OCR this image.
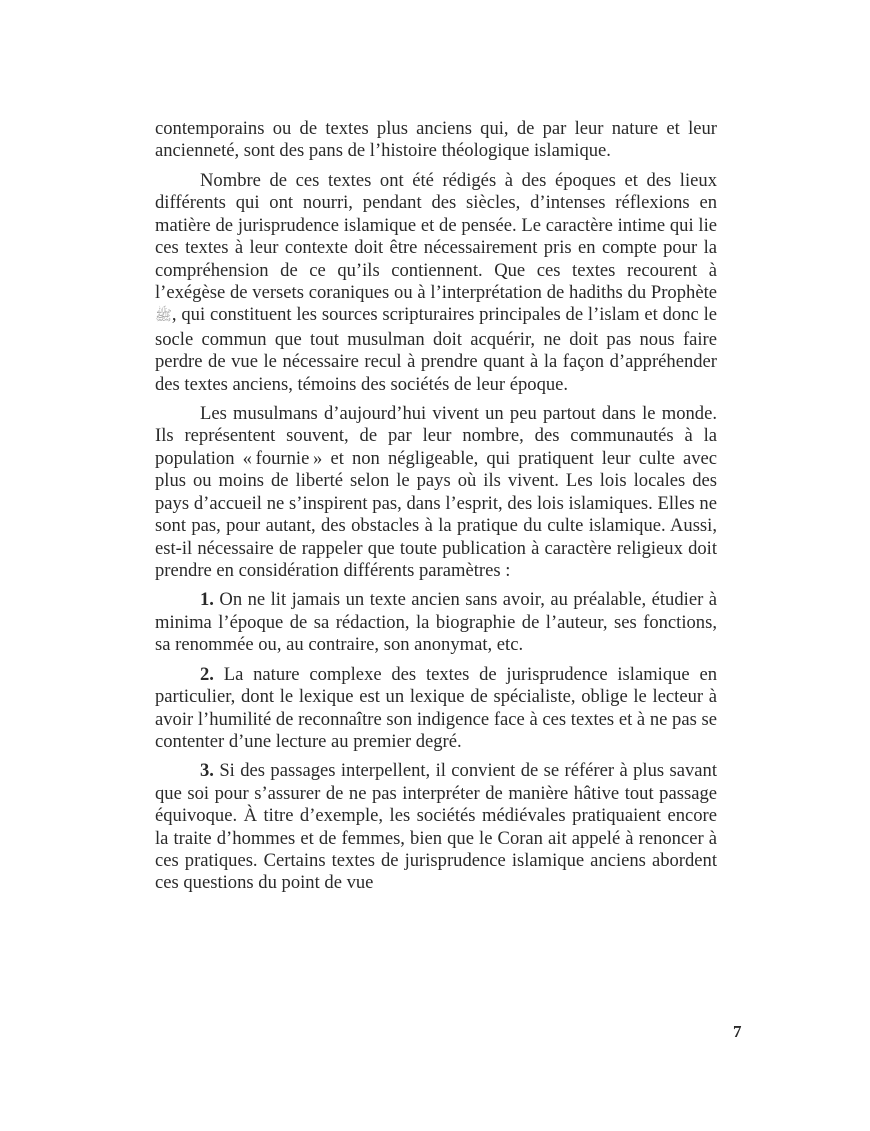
contemporains ou de textes plus anciens qui, de par leur nature et leur ancienneté, sont des pans de l’histoire théologique islamique.

Nombre de ces textes ont été rédigés à des époques et des lieux différents qui ont nourri, pendant des siècles, d’intenses réflexions en matière de jurisprudence islamique et de pensée. Le caractère intime qui lie ces textes à leur contexte doit être nécessairement pris en compte pour la compréhension de ce qu’ils contiennent. Que ces textes recourent à l’exégèse de versets coraniques ou à l’interprétation de hadiths du Prophète ﷺ, qui constituent les sources scripturaires principales de l’islam et donc le socle commun que tout musulman doit acquérir, ne doit pas nous faire perdre de vue le nécessaire recul à prendre quant à la façon d’appréhender des textes anciens, témoins des sociétés de leur époque.

Les musulmans d’aujourd’hui vivent un peu partout dans le monde. Ils représentent souvent, de par leur nombre, des communautés à la population « fournie » et non négligeable, qui pratiquent leur culte avec plus ou moins de liberté selon le pays où ils vivent. Les lois locales des pays d’accueil ne s’inspirent pas, dans l’esprit, des lois islamiques. Elles ne sont pas, pour autant, des obstacles à la pratique du culte islamique. Aussi, est-il nécessaire de rappeler que toute publication à caractère religieux doit prendre en considération différents paramètres :

1. On ne lit jamais un texte ancien sans avoir, au préalable, étudier à minima l’époque de sa rédaction, la biographie de l’auteur, ses fonctions, sa renommée ou, au contraire, son anonymat, etc.

2. La nature complexe des textes de jurisprudence islamique en particulier, dont le lexique est un lexique de spécialiste, oblige le lecteur à avoir l’humilité de reconnaître son indigence face à ces textes et à ne pas se contenter d’une lecture au premier degré.

3. Si des passages interpellent, il convient de se référer à plus savant que soi pour s’assurer de ne pas interpréter de manière hâtive tout passage équivoque. À titre d’exemple, les sociétés médiévales pratiquaient encore la traite d’hommes et de femmes, bien que le Coran ait appelé à renoncer à ces pratiques. Certains textes de jurisprudence islamique anciens abordent ces questions du point de vue

7
